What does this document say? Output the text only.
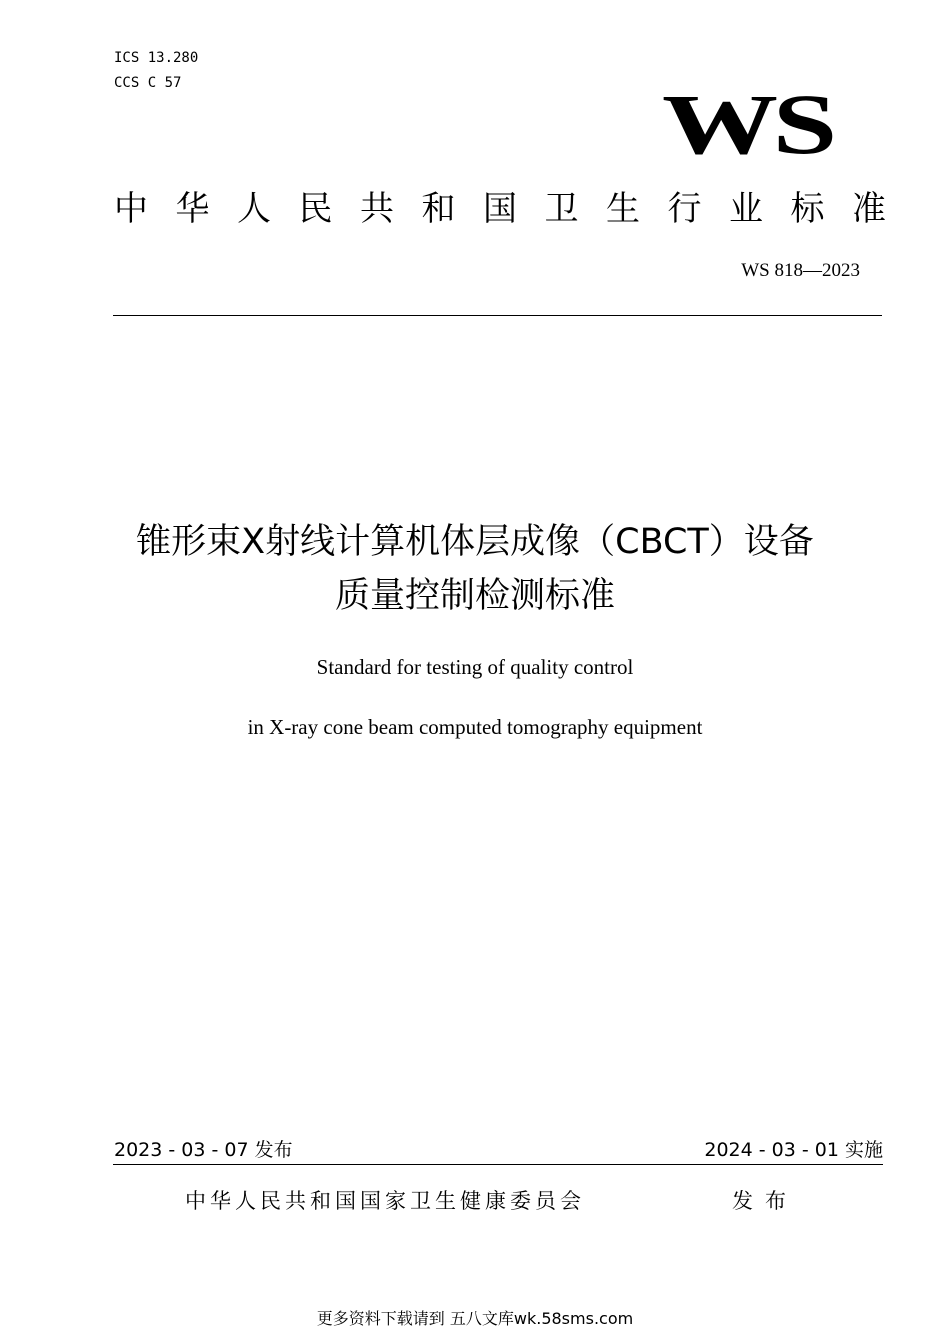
ICS 13.280
CCS C 57	WS
中 华 人 民 共 和 国 卫 生 行 业 标 准
WS 818—2023
锥形束X射线计算机体层成像（CBCT）设备
质量控制检测标准
Standard for testing of quality control
in X-ray cone beam computed tomography equipment
2023 - 03 - 07 发布	2024 - 03 - 01 实施
中华人民共和国国家卫生健康委员会	发布
更多资料下载请到 五八文库wk.58sms.com
